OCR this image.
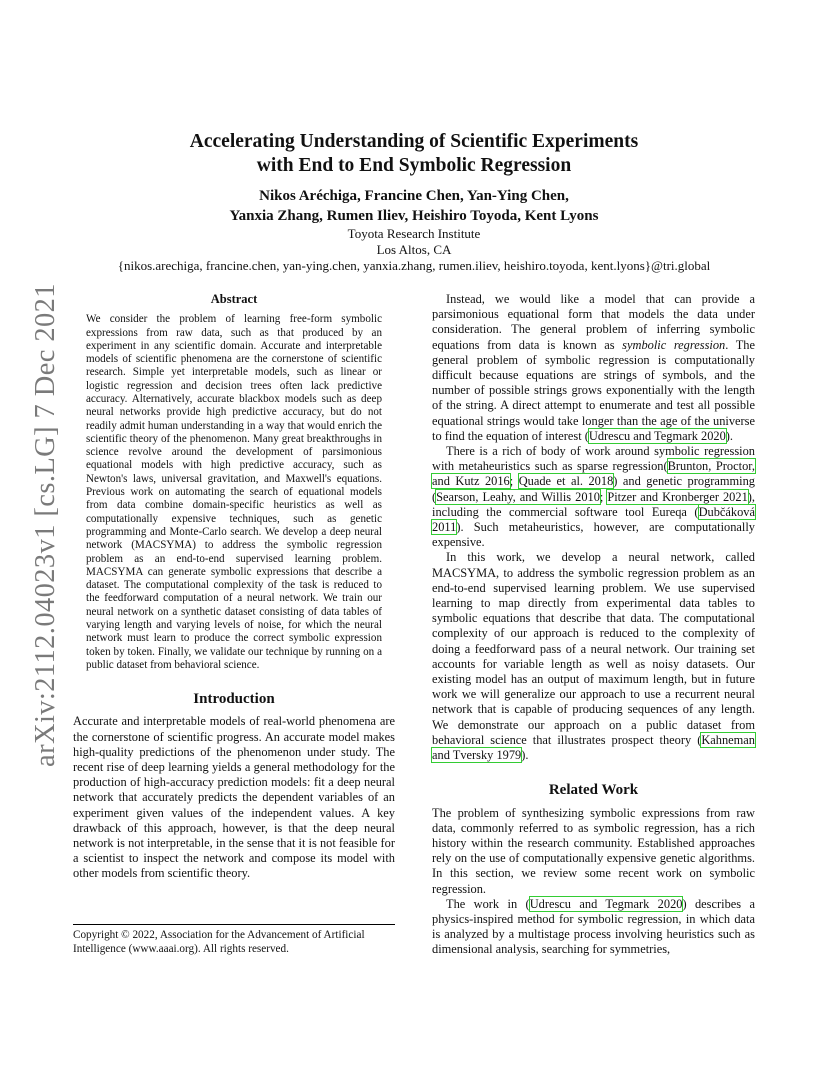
arXiv:2112.04023v1 [cs.LG] 7 Dec 2021
Accelerating Understanding of Scientific Experiments
with End to End Symbolic Regression
Nikos Aréchiga, Francine Chen, Yan-Ying Chen,
Yanxia Zhang, Rumen Iliev, Heishiro Toyoda, Kent Lyons
Toyota Research Institute
Los Altos, CA
{nikos.arechiga, francine.chen, yan-ying.chen, yanxia.zhang, rumen.iliev, heishiro.toyoda, kent.lyons}@tri.global
Abstract
We consider the problem of learning free-form symbolic expressions from raw data, such as that produced by an experiment in any scientific domain. Accurate and interpretable models of scientific phenomena are the cornerstone of scientific research. Simple yet interpretable models, such as linear or logistic regression and decision trees often lack predictive accuracy. Alternatively, accurate blackbox models such as deep neural networks provide high predictive accuracy, but do not readily admit human understanding in a way that would enrich the scientific theory of the phenomenon. Many great breakthroughs in science revolve around the development of parsimonious equational models with high predictive accuracy, such as Newton's laws, universal gravitation, and Maxwell's equations. Previous work on automating the search of equational models from data combine domain-specific heuristics as well as computationally expensive techniques, such as genetic programming and Monte-Carlo search. We develop a deep neural network (MACSYMA) to address the symbolic regression problem as an end-to-end supervised learning problem. MACSYMA can generate symbolic expressions that describe a dataset. The computational complexity of the task is reduced to the feedforward computation of a neural network. We train our neural network on a synthetic dataset consisting of data tables of varying length and varying levels of noise, for which the neural network must learn to produce the correct symbolic expression token by token. Finally, we validate our technique by running on a public dataset from behavioral science.
Introduction

Accurate and interpretable models of real-world phenomena are the cornerstone of scientific progress. An accurate model makes high-quality predictions of the phenomenon under study. The recent rise of deep learning yields a general methodology for the production of high-accuracy prediction models: fit a deep neural network that accurately predicts the dependent variables of an experiment given values of the independent values. A key drawback of this approach, however, is that the deep neural network is not interpretable, in the sense that it is not feasible for a scientist to inspect the network and compose its model with other models from scientific theory.

Instead, we would like a model that can provide a parsimonious equational form that models the data under consideration. The general problem of inferring symbolic equations from data is known as symbolic regression. The general problem of symbolic regression is computationally difficult because equations are strings of symbols, and the number of possible strings grows exponentially with the length of the string. A direct attempt to enumerate and test all possible equational strings would take longer than the age of the universe to find the equation of interest (Udrescu and Tegmark 2020).

There is a rich of body of work around symbolic regression with metaheuristics such as sparse regression(Brunton, Proctor, and Kutz 2016; Quade et al. 2018) and genetic programming (Searson, Leahy, and Willis 2010; Pitzer and Kronberger 2021), including the commercial software tool Eureqa (Dubčáková 2011). Such metaheuristics, however, are computationally expensive.

In this work, we develop a neural network, called MACSYMA, to address the symbolic regression problem as an end-to-end supervised learning problem. We use supervised learning to map directly from experimental data tables to symbolic equations that describe that data. The computational complexity of our approach is reduced to the complexity of doing a feedforward pass of a neural network. Our training set accounts for variable length as well as noisy datasets. Our existing model has an output of maximum length, but in future work we will generalize our approach to use a recurrent neural network that is capable of producing sequences of any length. We demonstrate our approach on a public dataset from behavioral science that illustrates prospect theory (Kahneman and Tversky 1979).

Related Work

The problem of synthesizing symbolic expressions from raw data, commonly referred to as symbolic regression, has a rich history within the research community. Established approaches rely on the use of computationally expensive genetic algorithms. In this section, we review some recent work on symbolic regression.

The work in (Udrescu and Tegmark 2020) describes a physics-inspired method for symbolic regression, in which data is analyzed by a multistage process involving heuristics such as dimensional analysis, searching for symmetries,

Copyright © 2022, Association for the Advancement of Artificial Intelligence (www.aaai.org). All rights reserved.
